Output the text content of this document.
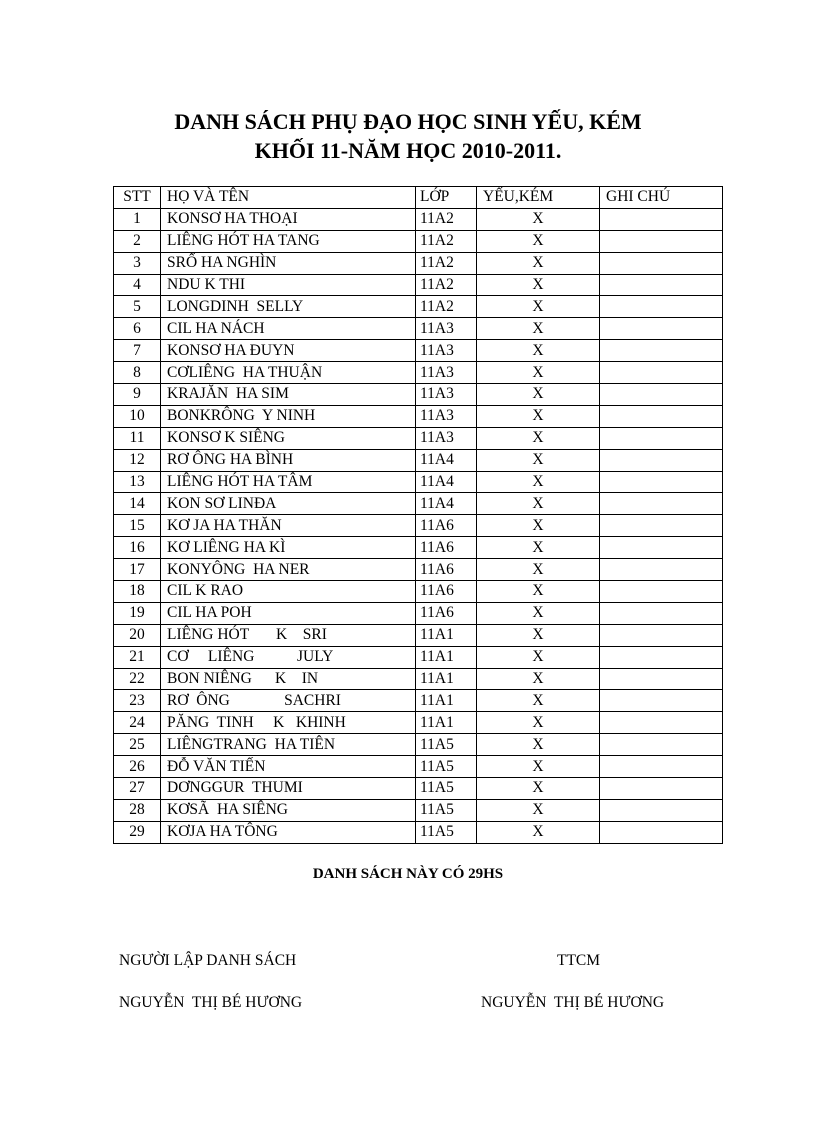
DANH SÁCH PHỤ ĐẠO HỌC SINH YẾU, KÉM
KHỐI 11-NĂM HỌC 2010-2011.
STT	HỌ VÀ TÊN	LỚP	YẾU,KÉM	GHI CHÚ
1	KONSƠ HA THOẠI	11A2	X	
2	LIÊNG HÓT HA TANG	11A2	X	
3	SRỔ HA NGHÌN	11A2	X	
4	NDU K THI	11A2	X	
5	LONGDINH  SELLY	11A2	X	
6	CIL HA NÁCH	11A3	X	
7	KONSƠ HA ĐUYN	11A3	X	
8	CƠLIÊNG  HA THUẬN	11A3	X	
9	KRAJĂN  HA SIM	11A3	X	
10	BONKRÔNG  Y NINH	11A3	X	
11	KONSƠ K SIÊNG	11A3	X	
12	RƠ ÔNG HA BÌNH	11A4	X	
13	LIÊNG HÓT HA TÂM	11A4	X	
14	KON SƠ LINĐA	11A4	X	
15	KƠ JA HA THĂN	11A6	X	
16	KƠ LIÊNG HA KÌ	11A6	X	
17	KONYÔNG  HA NER	11A6	X	
18	CIL K RAO	11A6	X	
19	CIL HA POH	11A6	X	
20	LIÊNG HÓT       K    SRI	11A1	X	
21	CƠ     LIÊNG           JULY	11A1	X	
22	BON NIÊNG      K    IN	11A1	X	
23	RƠ  ÔNG              SACHRI	11A1	X	
24	PĂNG  TINH     K   KHINH	11A1	X	
25	LIÊNGTRANG  HA TIÊN	11A5	X	
26	ĐỖ VĂN TIẾN	11A5	X	
27	DƠNGGUR  THUMI	11A5	X	
28	KƠSÃ  HA SIÊNG	11A5	X	
29	KƠJA HA TÔNG	11A5	X	
DANH SÁCH NÀY CÓ 29HS
NGƯỜI LẬP DANH SÁCH	TTCM
NGUYỄN  THỊ BÉ HƯƠNG	NGUYỄN  THỊ BÉ HƯƠNG
